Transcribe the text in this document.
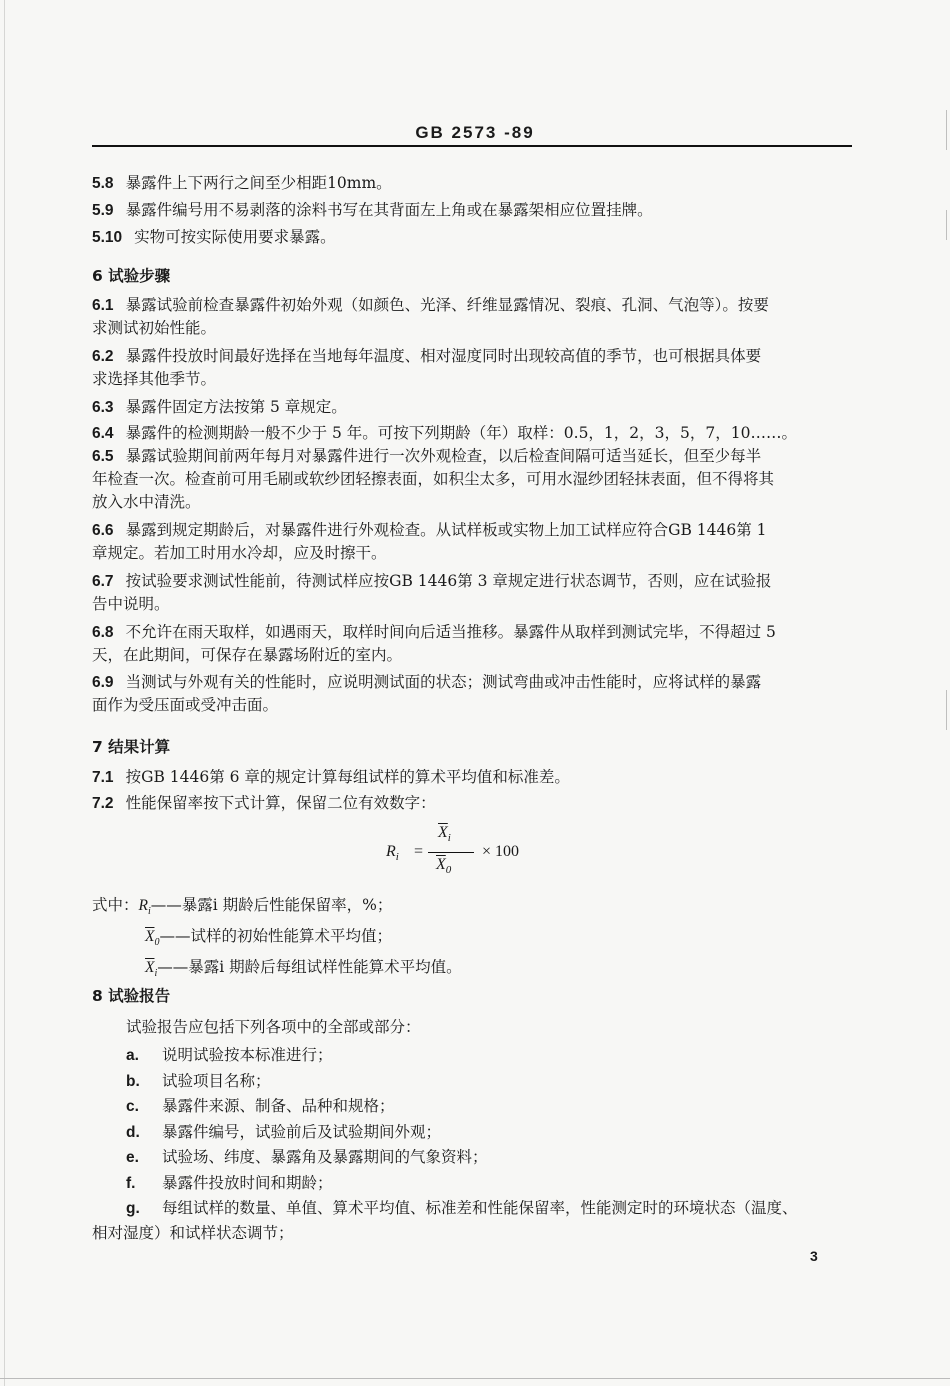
GB 2573 -89
5.8 暴露件上下两行之间至少相距10mm。
5.9 暴露件编号用不易剥落的涂料书写在其背面左上角或在暴露架相应位置挂牌。
5.10 实物可按实际使用要求暴露。
6 试验步骤
6.1 暴露试验前检查暴露件初始外观（如颜色、光泽、纤维显露情况、裂痕、孔洞、气泡等）。按要
求测试初始性能。
6.2 暴露件投放时间最好选择在当地每年温度、相对湿度同时出现较高值的季节，也可根据具体要
求选择其他季节。
6.3 暴露件固定方法按第 5 章规定。
6.4 暴露件的检测期龄一般不少于 5 年。可按下列期龄（年）取样：0.5，1，2，3，5，7，10……。
6.5 暴露试验期间前两年每月对暴露件进行一次外观检查，以后检查间隔可适当延长，但至少每半
年检查一次。检查前可用毛刷或软纱团轻擦表面，如积尘太多，可用水湿纱团轻抹表面，但不得将其
放入水中清洗。
6.6 暴露到规定期龄后，对暴露件进行外观检查。从试样板或实物上加工试样应符合GB 1446第 1
章规定。若加工时用水冷却，应及时擦干。
6.7 按试验要求测试性能前，待测试样应按GB 1446第 3 章规定进行状态调节，否则，应在试验报
告中说明。
6.8 不允许在雨天取样，如遇雨天，取样时间向后适当推移。暴露件从取样到测试完毕，不得超过 5
天，在此期间，可保存在暴露场附近的室内。
6.9 当测试与外观有关的性能时，应说明测试面的状态；测试弯曲或冲击性能时，应将试样的暴露
面作为受压面或受冲击面。
7 结果计算
7.1 按GB 1446第 6 章的规定计算每组试样的算术平均值和标准差。
7.2 性能保留率按下式计算，保留二位有效数字：
$R_i$ =
$\overline{X}_i$
$\overline{X}_0$
× 100
式中：$R_i——$暴露i 期龄后性能保留率，%；
$\overline{X}_0——$试样的初始性能算术平均值；
$\overline{X}_i——$暴露i 期龄后每组试样性能算术平均值。
8 试验报告
试验报告应包括下列各项中的全部或部分：
a. 说明试验按本标准进行；
b. 试验项目名称；
c. 暴露件来源、制备、品种和规格；
d. 暴露件编号，试验前后及试验期间外观；
e. 试验场、纬度、暴露角及暴露期间的气象资料；
f. 暴露件投放时间和期龄；
g. 每组试样的数量、单值、算术平均值、标准差和性能保留率，性能测定时的环境状态（温度、
相对湿度）和试样状态调节；
3
